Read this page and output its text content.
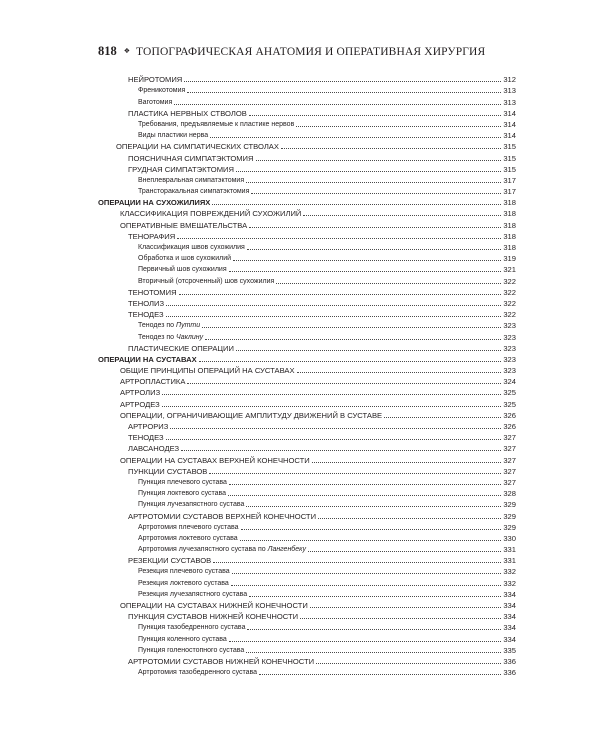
818 ❖ ТОПОГРАФИЧЕСКАЯ АНАТОМИЯ И ОПЕРАТИВНАЯ ХИРУРГИЯ
НЕЙРОТОМИЯ	312
Френикотомия	313
Ваготомия	313
ПЛАСТИКА НЕРВНЫХ СТВОЛОВ	314
Требования, предъявляемые к пластике нервов	314
Виды пластики нерва	314
ОПЕРАЦИИ НА СИМПАТИЧЕСКИХ СТВОЛАХ	315
ПОЯСНИЧНАЯ СИМПАТЭКТОМИЯ	315
ГРУДНАЯ СИМПАТЭКТОМИЯ	315
Внеплевральная симпатэктомия	317
Трансторакальная симпатэктомия	317
ОПЕРАЦИИ НА СУХОЖИЛИЯХ	318
КЛАССИФИКАЦИЯ ПОВРЕЖДЕНИЙ СУХОЖИЛИЙ	318
ОПЕРАТИВНЫЕ ВМЕШАТЕЛЬСТВА	318
ТЕНОРАФИЯ	318
Классификация швов сухожилия	318
Обработка и шов сухожилий	319
Первичный шов сухожилия	321
Вторичный (отсроченный) шов сухожилия	322
ТЕНОТОМИЯ	322
ТЕНОЛИЗ	322
ТЕНОДЕЗ	322
Тенодез по Путти	323
Тенодез по Чаклину	323
ПЛАСТИЧЕСКИЕ ОПЕРАЦИИ	323
ОПЕРАЦИИ НА СУСТАВАХ	323
ОБЩИЕ ПРИНЦИПЫ ОПЕРАЦИЙ НА СУСТАВАХ	323
АРТРОПЛАСТИКА	324
АРТРОЛИЗ	325
АРТРОДЕЗ	325
ОПЕРАЦИИ, ОГРАНИЧИВАЮЩИЕ АМПЛИТУДУ ДВИЖЕНИЙ В СУСТАВЕ	326
АРТРОРИЗ	326
ТЕНОДЕЗ	327
ЛАВСАНОДЕЗ	327
ОПЕРАЦИИ НА СУСТАВАХ ВЕРХНЕЙ КОНЕЧНОСТИ	327
ПУНКЦИИ СУСТАВОВ	327
Пункция плечевого сустава	327
Пункция локтевого сустава	328
Пункция лучезапястного сустава	329
АРТРОТОМИИ СУСТАВОВ ВЕРХНЕЙ КОНЕЧНОСТИ	329
Артротомия плечевого сустава	329
Артротомия локтевого сустава	330
Артротомия лучезапястного сустава по Лангенбеку	331
РЕЗЕКЦИИ СУСТАВОВ	331
Резекция плечевого сустава	332
Резекция локтевого сустава	332
Резекция лучезапястного сустава	334
ОПЕРАЦИИ НА СУСТАВАХ НИЖНЕЙ КОНЕЧНОСТИ	334
ПУНКЦИЯ СУСТАВОВ НИЖНЕЙ КОНЕЧНОСТИ	334
Пункция тазобедренного сустава	334
Пункция коленного сустава	334
Пункция голеностопного сустава	335
АРТРОТОМИИ СУСТАВОВ НИЖНЕЙ КОНЕЧНОСТИ	336
Артротомия тазобедренного сустава	336
